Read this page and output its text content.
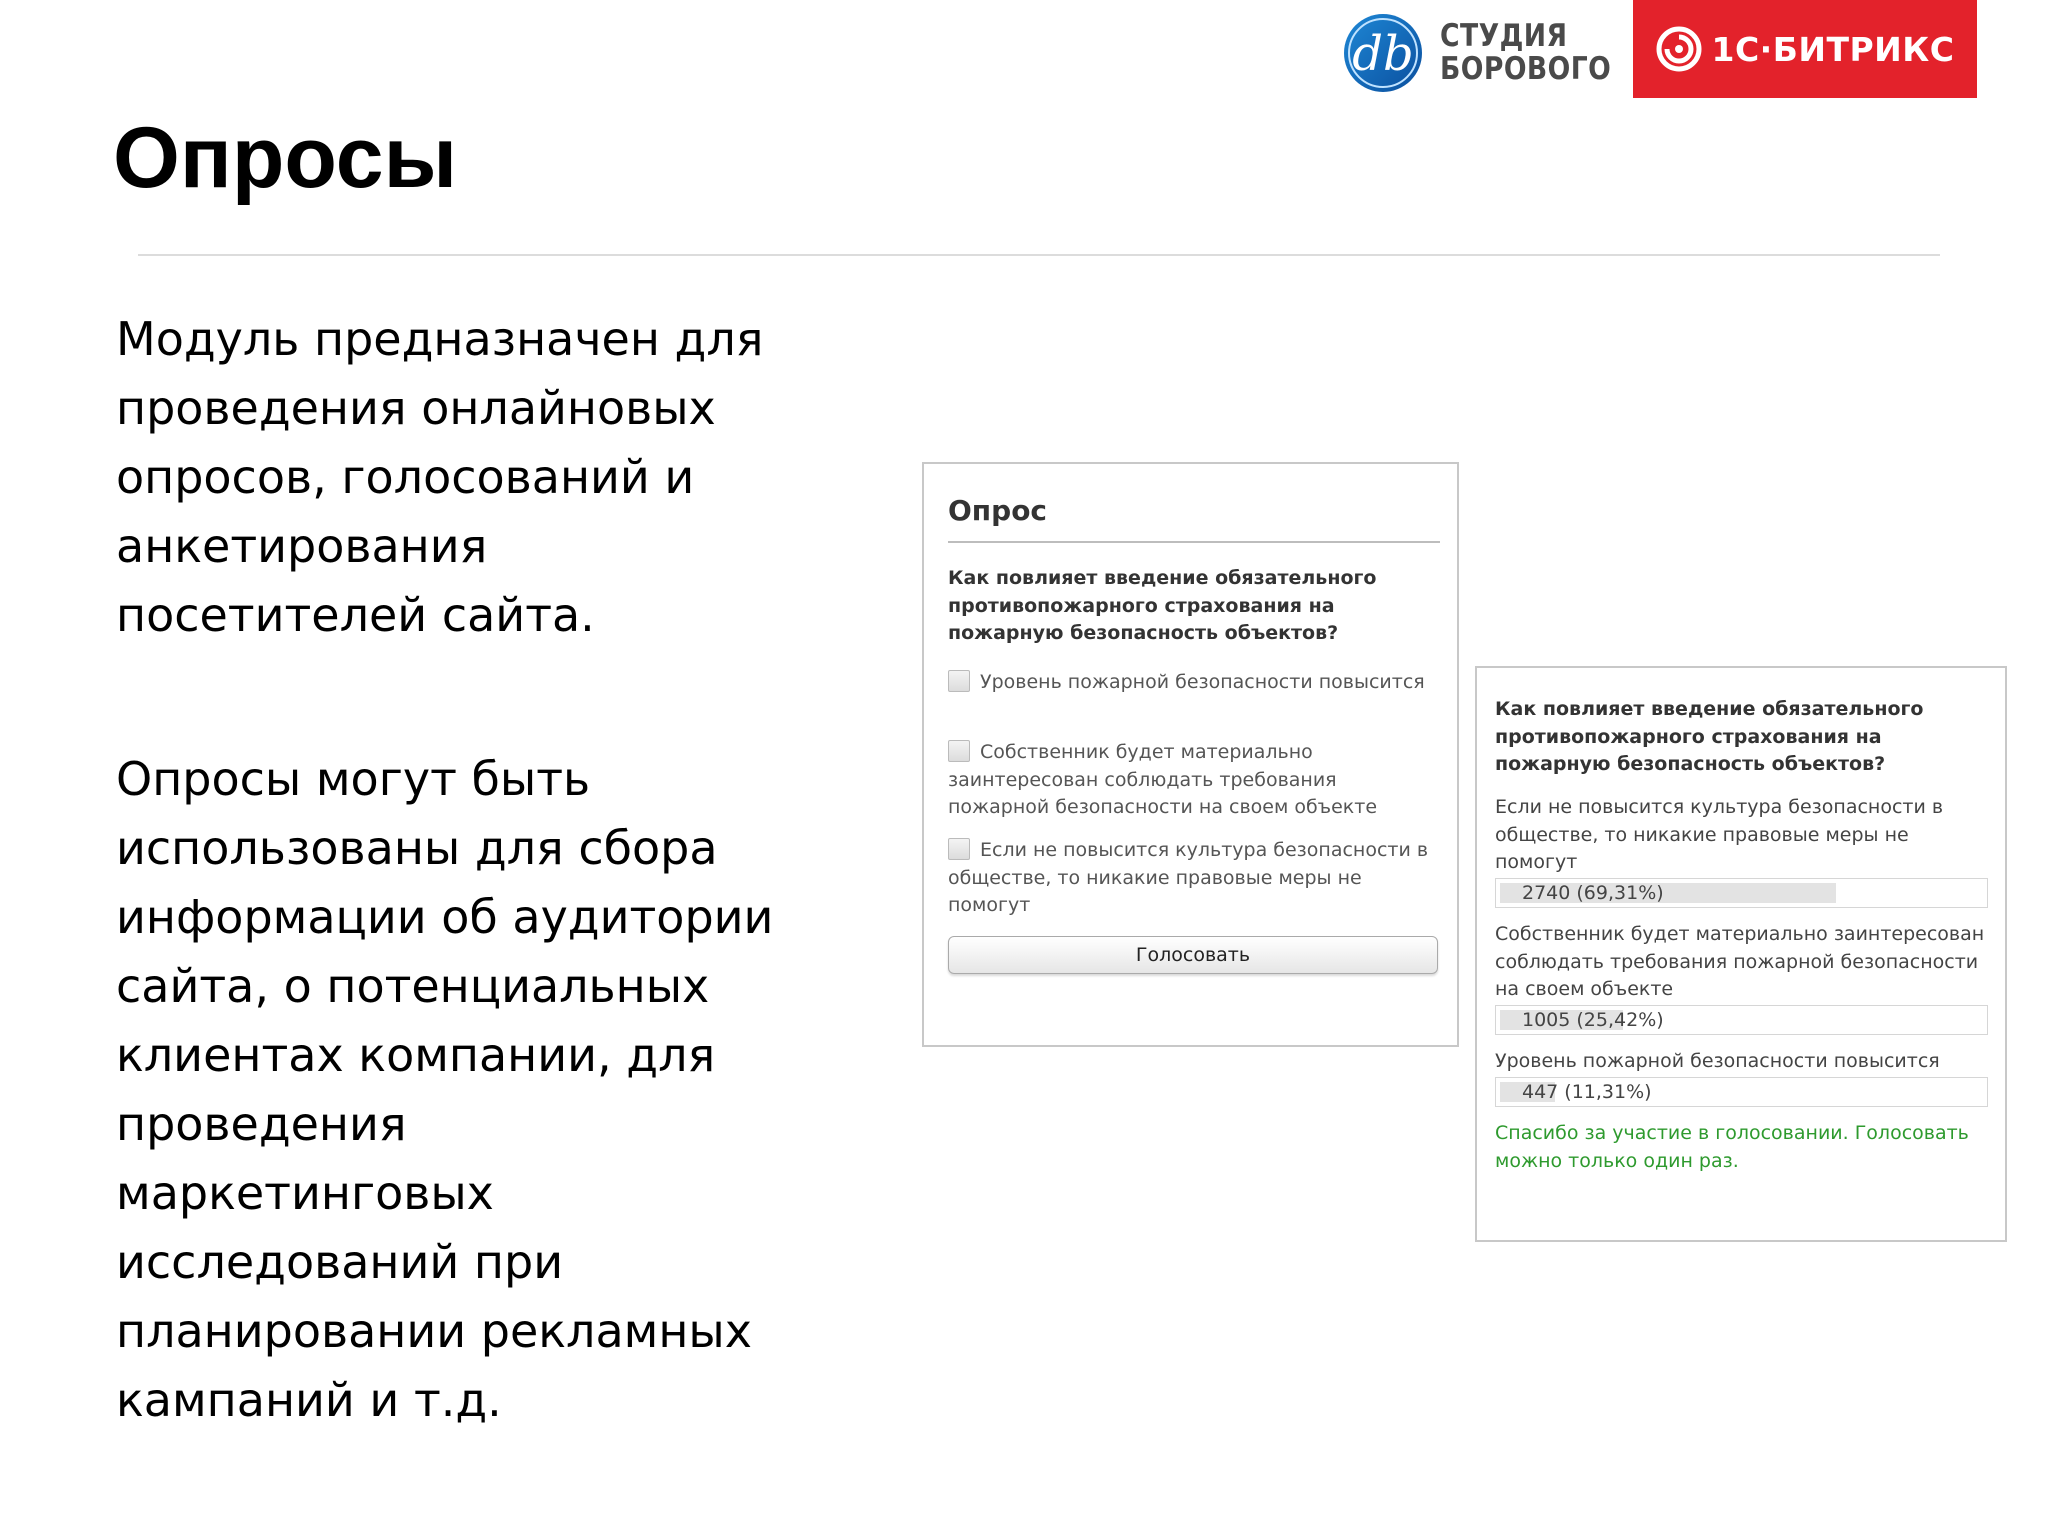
db СТУДИЯ
БОРОВОГО
1С·БИТРИКС
Опросы
Модуль предназначен для
проведения онлайновых
опросов, голосований и
анкетирования
посетителей сайта.
Опросы могут быть
использованы для сбора
информации об аудитории
сайта, о потенциальных
клиентах компании, для
проведения
маркетинговых
исследований при
планировании рекламных
кампаний и т.д.
Опрос
Как повлияет введение обязательного противопожарного страхования на пожарную безопасность объектов?
Уровень пожарной безопасности повысится
Собственник будет материально заинтересован соблюдать требования пожарной безопасности на своем объекте
Если не повысится культура безопасности в обществе, то никакие правовые меры не помогут
Голосовать
Как повлияет введение обязательного противопожарного страхования на пожарную безопасность объектов?
Если не повысится культура безопасности в обществе, то никакие правовые меры не помогут
2740 (69,31%)
Собственник будет материально заинтересован соблюдать требования пожарной безопасности на своем объекте
1005 (25,42%)
Уровень пожарной безопасности повысится
447 (11,31%)
Спасибо за участие в голосовании. Голосовать можно только один раз.
